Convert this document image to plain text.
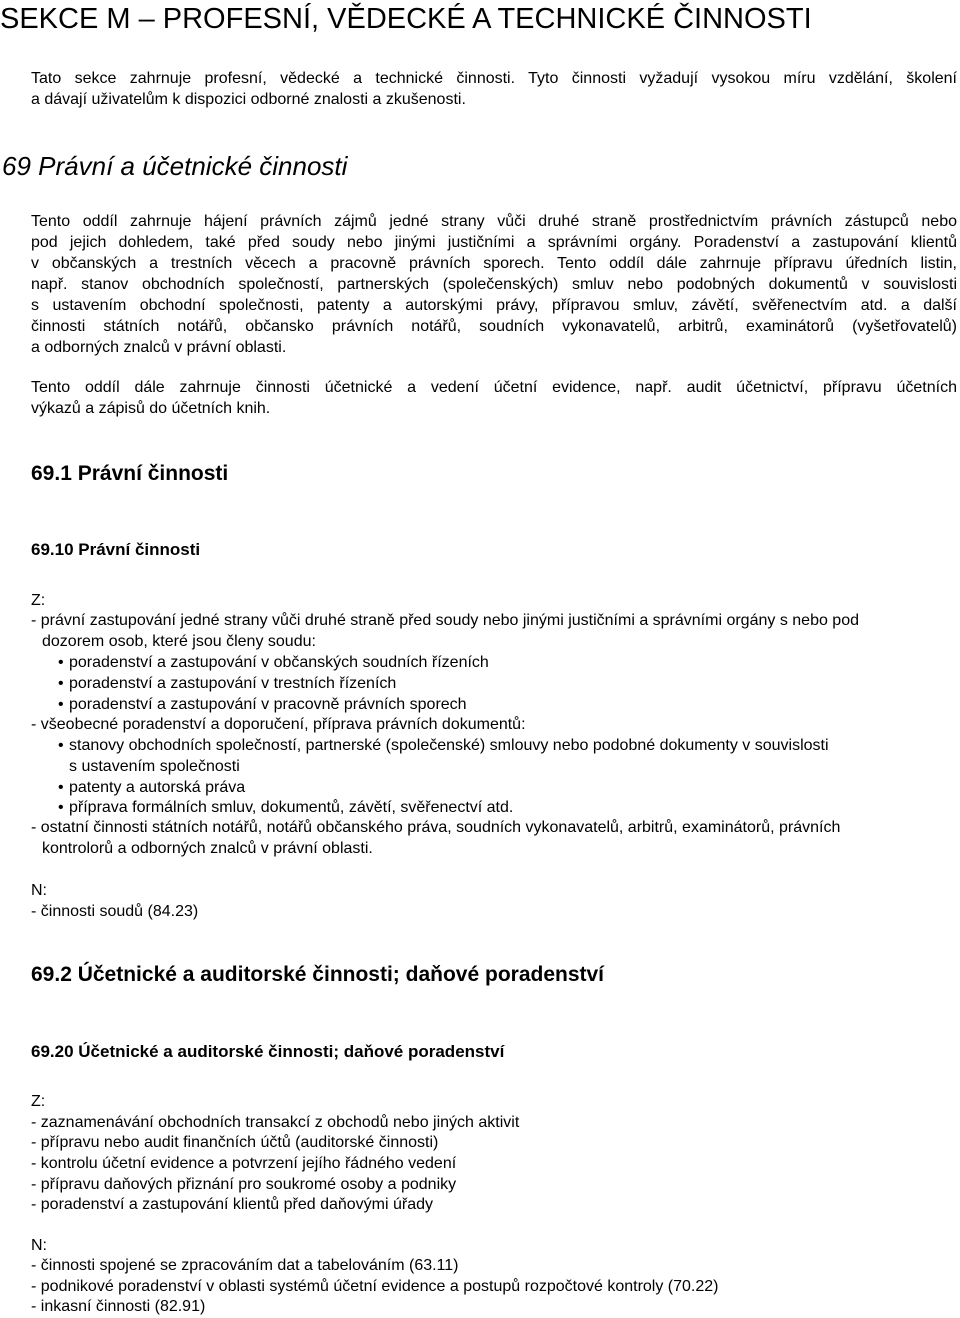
SEKCE M – PROFESNÍ, VĚDECKÉ A TECHNICKÉ ČINNOSTI
Tato sekce zahrnuje profesní, vědecké a technické činnosti. Tyto činnosti vyžadují vysokou míru vzdělání, školení
a dávají uživatelům k dispozici odborné znalosti a zkušenosti.
69 Právní a účetnické činnosti
Tento oddíl zahrnuje hájení právních zájmů jedné strany vůči druhé straně prostřednictvím právních zástupců nebo
pod jejich dohledem, také před soudy nebo jinými justičními a správními orgány. Poradenství a zastupování klientů
v občanských a trestních věcech a pracovně právních sporech. Tento oddíl dále zahrnuje přípravu úředních listin,
např. stanov obchodních společností, partnerských (společenských) smluv nebo podobných dokumentů v souvislosti
s ustavením obchodní společnosti, patenty a autorskými právy, přípravou smluv, závětí, svěřenectvím atd. a další
činnosti státních notářů, občansko právních notářů, soudních vykonavatelů, arbitrů, examinátorů (vyšetřovatelů)
a odborných znalců v právní oblasti.
Tento oddíl dále zahrnuje činnosti účetnické a vedení účetní evidence, např. audit účetnictví, přípravu účetních
výkazů a zápisů do účetních knih.
69.1 Právní činnosti
69.10 Právní činnosti
Z:
- právní zastupování jedné strany vůči druhé straně před soudy nebo jinými justičními a správními orgány s nebo pod
dozorem osob, které jsou členy soudu:
• poradenství a zastupování v občanských soudních řízeních
• poradenství a zastupování v trestních řízeních
• poradenství a zastupování v pracovně právních sporech
- všeobecné poradenství a doporučení, příprava právních dokumentů:
• stanovy obchodních společností, partnerské (společenské) smlouvy nebo podobné dokumenty v souvislosti
s ustavením společnosti
• patenty a autorská práva
• příprava formálních smluv, dokumentů, závětí, svěřenectví atd.
- ostatní činnosti státních notářů, notářů občanského práva, soudních vykonavatelů, arbitrů, examinátorů, právních
kontrolorů a odborných znalců v právní oblasti.
N:
- činnosti soudů (84.23)
69.2 Účetnické a auditorské činnosti; daňové poradenství
69.20 Účetnické a auditorské činnosti; daňové poradenství
Z:
- zaznamenávání obchodních transakcí z obchodů nebo jiných aktivit
- přípravu nebo audit finančních účtů (auditorské činnosti)
- kontrolu účetní evidence a potvrzení jejího řádného vedení
- přípravu daňových přiznání pro soukromé osoby a podniky
- poradenství a zastupování klientů před daňovými úřady
N:
- činnosti spojené se zpracováním dat a tabelováním (63.11)
- podnikové poradenství v oblasti systémů účetní evidence a postupů rozpočtové kontroly (70.22)
- inkasní činnosti (82.91)
